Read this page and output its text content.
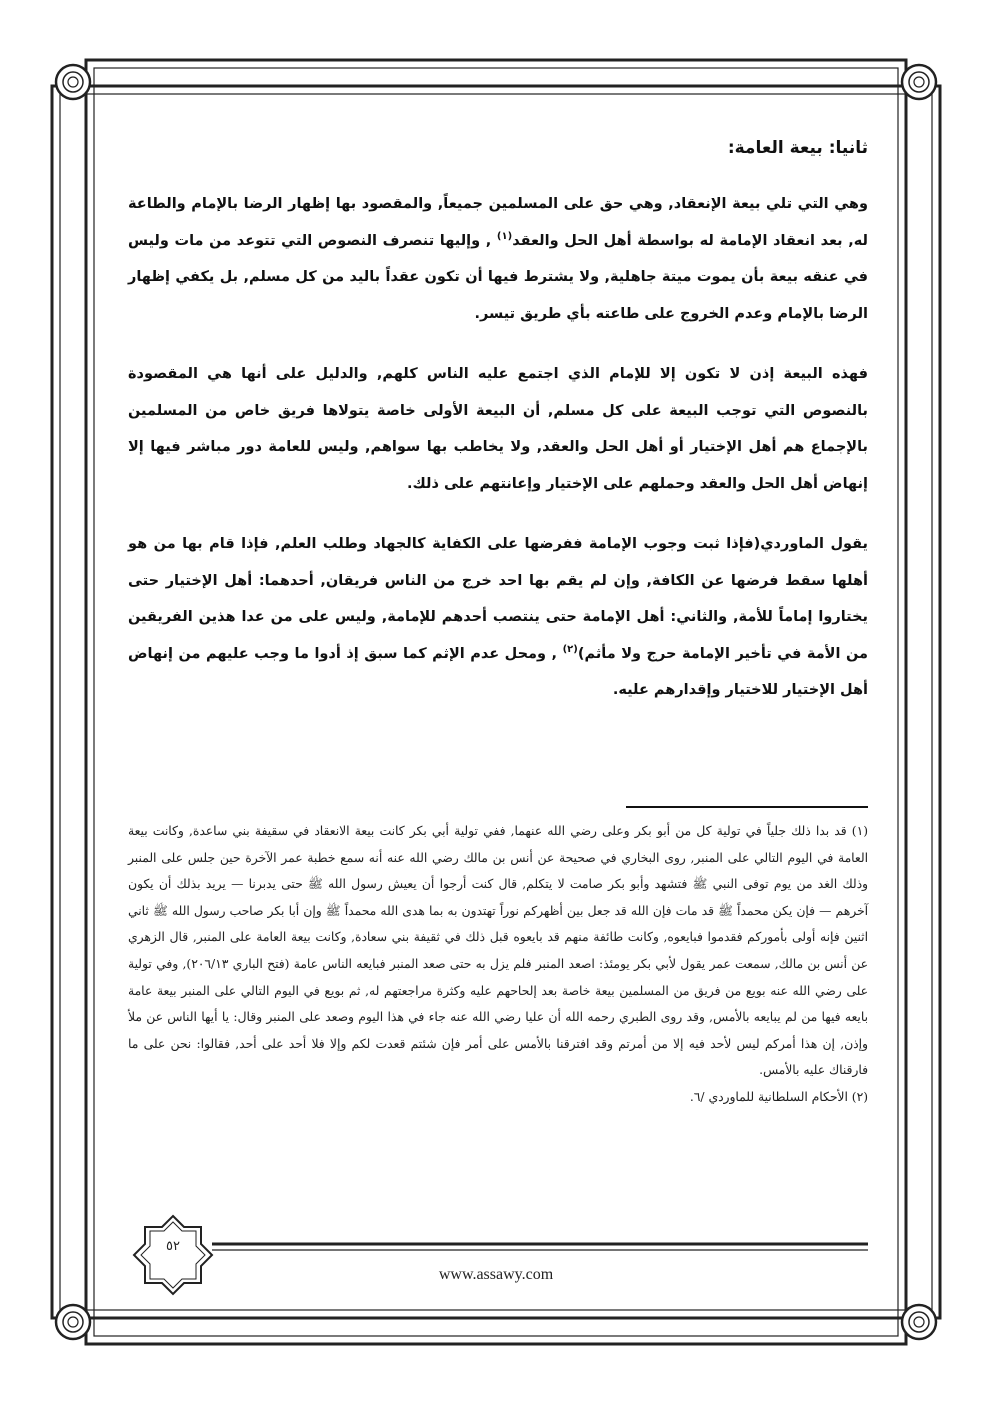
ثانيا: بيعة العامة:

وهي التي تلي بيعة الإنعقاد, وهي حق على المسلمين جميعاً, والمقصود بها إظهار الرضا بالإمام والطاعة له, بعد انعقاد الإمامة له بواسطة أهل الحل والعقد$^{(١)}$ , وإليها تنصرف النصوص التي تتوعد من مات وليس في عنقه بيعة بأن يموت ميتة جاهلية, ولا يشترط فيها أن تكون عقداً باليد من كل مسلم, بل يكفي إظهار الرضا بالإمام وعدم الخروج على طاعته بأي طريق تيسر.

فهذه البيعة إذن لا تكون إلا للإمام الذي اجتمع عليه الناس كلهم, والدليل على أنها هي المقصودة بالنصوص التي توجب البيعة على كل مسلم, أن البيعة الأولى خاصة يتولاها فريق خاص من المسلمين بالإجماع هم أهل الإختيار أو أهل الحل والعقد, ولا يخاطب بها سواهم, وليس للعامة دور مباشر فيها إلا إنهاض أهل الحل والعقد وحملهم على الإختيار وإعانتهم على ذلك.

يقول الماوردي(فإذا ثبت وجوب الإمامة ففرضها على الكفاية كالجهاد وطلب العلم, فإذا قام بها من هو أهلها سقط فرضها عن الكافة, وإن لم يقم بها احد خرج من الناس فريقان, أحدهما: أهل الإختيار حتى يختاروا إماماً للأمة, والثاني: أهل الإمامة حتى ينتصب أحدهم للإمامة, وليس على من عدا هذين الفريقين من الأمة في تأخير الإمامة حرج ولا مأثم)$^{(٢)}$ , ومحل عدم الإثم كما سبق إذ أدوا ما وجب عليهم من إنهاض أهل الإختيار للاختيار وإقدارهم عليه.

(١) قد بدا ذلك جلياً في تولية كل من أبو بكر وعلى رضي الله عنهما, ففي تولية أبي بكر كانت بيعة الانعقاد في سقيفة بني ساعدة, وكانت بيعة العامة في اليوم التالي على المنبر, روى البخاري في صحيحة عن أنس بن مالك رضي الله عنه أنه سمع خطبة عمر الآخرة حين جلس على المنبر وذلك الغد من يوم توفى النبي ﷺ فتشهد وأبو بكر صامت لا يتكلم, قال كنت أرجوا أن يعيش رسول الله ﷺ حتى يدبرنا — يريد بذلك أن يكون آخرهم — فإن يكن محمداً ﷺ قد مات فإن الله قد جعل بين أظهركم نوراً تهتدون به بما هدى الله محمداً ﷺ وإن أبا بكر صاحب رسول الله ﷺ ثاني اثنين فإنه أولى بأموركم فقدموا فبايعوه, وكانت طائفة منهم قد بايعوه قبل ذلك في ثقيفة بني سعادة, وكانت بيعة العامة على المنبر, قال الزهري عن أنس بن مالك, سمعت عمر يقول لأبي بكر يومئذ: اصعد المنبر فلم يزل به حتى صعد المنبر فبايعه الناس عامة (فتح الباري ٢٠٦/١٣), وفي تولية على رضي الله عنه بويع من فريق من المسلمين بيعة خاصة بعد إلحاحهم عليه وكثرة مراجعتهم له, ثم بويع في اليوم التالي على المنبر بيعة عامة بايعه فيها من لم يبايعه بالأمس, وقد روى الطبري رحمه الله أن عليا رضي الله عنه جاء في هذا اليوم وصعد على المنبر وقال: يا أيها الناس عن ملأ وإذن, إن هذا أمركم ليس لأحد فيه إلا من أمرتم وقد افترقنا بالأمس على أمر فإن شئتم قعدت لكم وإلا فلا أحد على أحد, فقالوا: نحن على ما فارقناك عليه بالأمس.

(٢) الأحكام السلطانية للماوردي /٦.

٥٢
www.assawy.com
